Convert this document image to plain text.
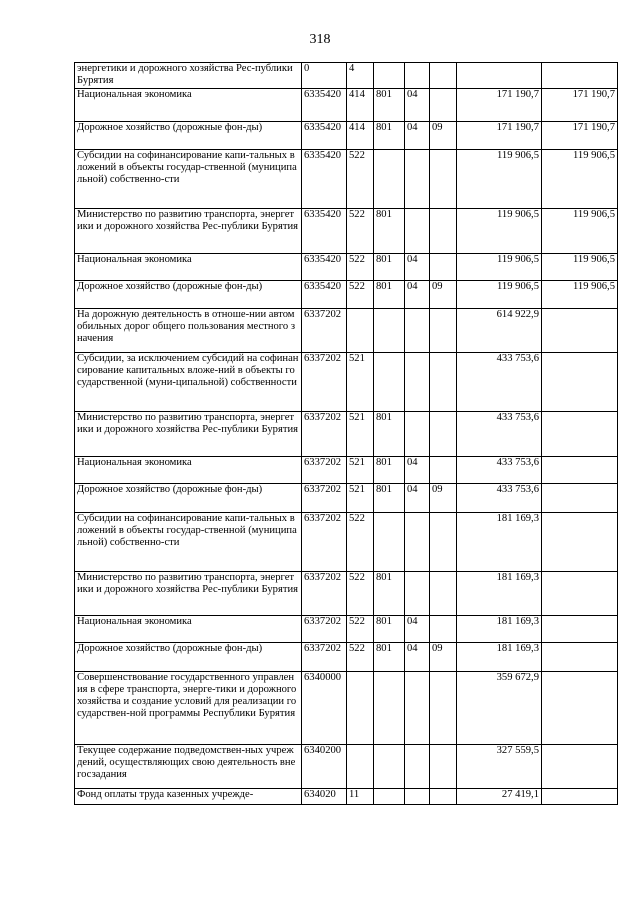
318
энергетики и дорожного хозяйства Рес-публики Бурятия	0	4					
Национальная экономика	6335420	414	801	04		171 190,7	171 190,7
Дорожное хозяйство (дорожные фон-ды)	6335420	414	801	04	09	171 190,7	171 190,7
Субсидии на софинансирование капи-тальных вложений в объекты государ-ственной (муниципальной) собственно-сти	6335420	522				119 906,5	119 906,5
Министерство по развитию транспорта, энергетики и дорожного хозяйства Рес-публики Бурятия	6335420	522	801			119 906,5	119 906,5
Национальная экономика	6335420	522	801	04		119 906,5	119 906,5
Дорожное хозяйство (дорожные фон-ды)	6335420	522	801	04	09	119 906,5	119 906,5
На дорожную деятельность в отноше-нии автомобильных дорог общего пользования местного значения	6337202					614 922,9	
Субсидии, за исключением субсидий на софинансирование капитальных вложе-ний в объекты государственной (муни-ципальной) собственности	6337202	521				433 753,6	
Министерство по развитию транспорта, энергетики и дорожного хозяйства Рес-публики Бурятия	6337202	521	801			433 753,6	
Национальная экономика	6337202	521	801	04		433 753,6	
Дорожное хозяйство (дорожные фон-ды)	6337202	521	801	04	09	433 753,6	
Субсидии на софинансирование капи-тальных вложений в объекты государ-ственной (муниципальной) собственно-сти	6337202	522				181 169,3	
Министерство по развитию транспорта, энергетики и дорожного хозяйства Рес-публики Бурятия	6337202	522	801			181 169,3	
Национальная экономика	6337202	522	801	04		181 169,3	
Дорожное хозяйство (дорожные фон-ды)	6337202	522	801	04	09	181 169,3	
Совершенствование государственного управления в сфере транспорта, энерге-тики и дорожного хозяйства и создание условий для реализации государствен-ной программы Республики Бурятия	6340000					359 672,9	
Текущее содержание подведомствен-ных учреждений, осуществляющих свою деятельность вне госзадания	6340200					327 559,5	
Фонд оплаты труда казенных учрежде-	634020	11				27 419,1	
